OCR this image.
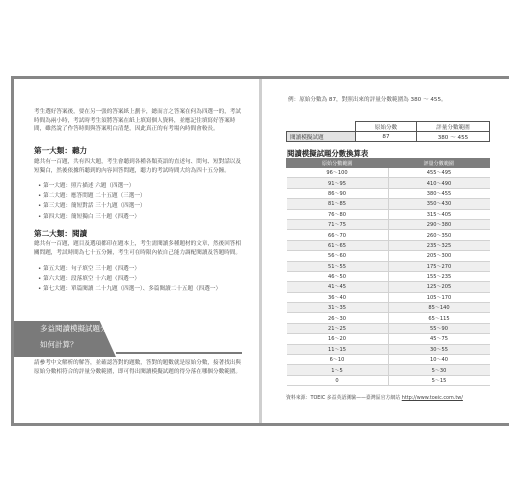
考生選好答案後，要在另一張的答案紙上劃卡，總而言之答案在何為四選一的，考試時間為兩小時，考試時考生須將答案在紙上填寫個人資料，並應記住填寫好答案時間，雖然說了作答時間與答案明白清楚，因此真正的有考場內時間會較長。

第一大類：聽力

總共有一百題，共有四大題，考生會聽到各種各類英語的直述句、問句、短對話以及短獨白，然後依據所聽到的內容回答問題，聽力的考試時間大約為四十五分鐘。

• 第一大題：照片描述 六題（四選一）
• 第二大題：應答問題 二十五題（三選一）
• 第三大題：簡短對話 三十九題（四選一）
• 第四大題：簡短獨白 三十題（四選一）
第二大類：閱讀

總共有一百題，題目及選項都印在題本上，考生需閱讀多種題材的文章，然後回答相關問題，考試時間為七十五分鐘，考生可在時限內依自己能力調配閱讀及答題時間。

• 第五大題：句子填空 三十題（四選一）
• 第六大題：段落填空 十六題（四選一）
• 第七大題：單篇閱讀 二十九題（四選一）、多篇閱讀二十五題（四選一）
多益閱讀模擬試題分數
如何計算？

請參考中文解析的解答，並確認答對的題數，答對的題數就是原始分數，接著找出與原始分數相符合的評量分數範圍，即可得出閱讀模擬試題的得分落在哪個分數範圍。

例：原始分數為 87，對照出來的評量分數範圍為 380 ～ 455。
	原始分數	評量分數範圍
閱讀模擬試題	87	380 ～ 455
閱讀模擬試題分數換算表
原始分數範圍	評量分數範圍
96～100	455～495
91～95	410～490
86～90	380～455
81～85	350～430
76～80	315～405
71～75	290～380
66～70	260～350
61～65	235～325
56～60	205～300
51～55	175～270
46～50	155～235
41～45	125～205
36～40	105～170
31～35	85～140
26～30	65～115
21～25	55～90
16～20	45～75
11～15	30～55
6～10	10～40
1～5	5～30
0	5～15
資料來源：TOEIC 多益英語測驗——臺灣區官方網站 http://www.toeic.com.tw/
